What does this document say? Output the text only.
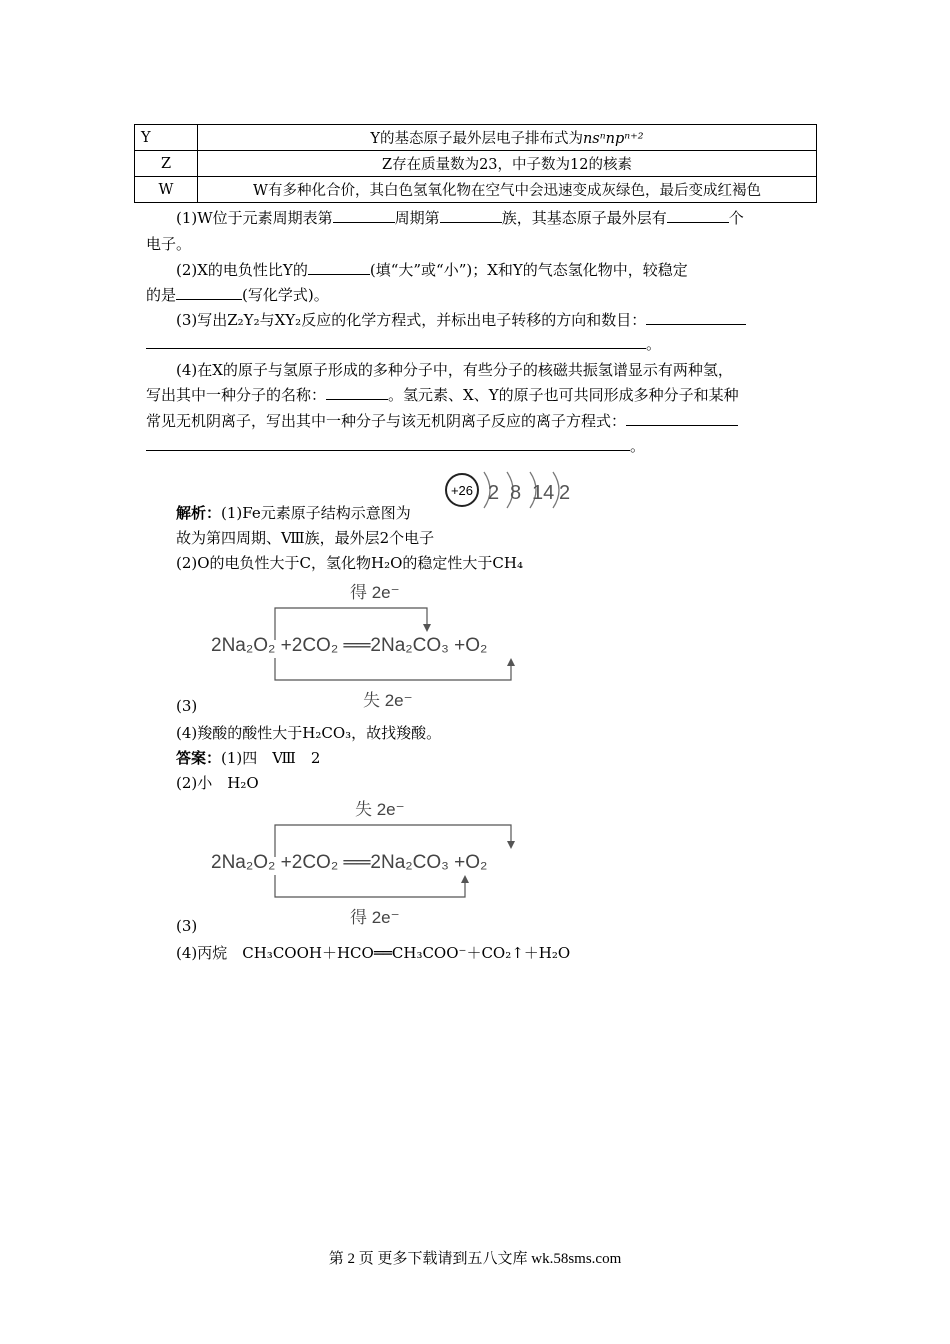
Y	Y的基态原子最外层电子排布式为nsⁿnpⁿ⁺²
Z	Z存在质量数为23，中子数为12的核素
W	W有多种化合价，其白色氢氧化物在空气中会迅速变成灰绿色，最后变成红褐色
(1)W位于元素周期表第	周期第	族，其基态原子最外层有	个
电子。
(2)X的电负性比Y的	(填“大”或“小”)；X和Y的气态氢化物中，较稳定
的是	(写化学式)。
(3)写出Z₂Y₂与XY₂反应的化学方程式，并标出电子转移的方向和数目：
。
(4)在X的原子与氢原子形成的多种分子中，有些分子的核磁共振氢谱显示有两种氢，
写出其中一种分子的名称：	。氢元素、X、Y的原子也可共同形成多种分子和某种
常见无机阴离子，写出其中一种分子与该无机阴离子反应的离子方程式：
。
+26 2 8 14 2
解析：(1)Fe元素原子结构示意图为
故为第四周期、Ⅷ族，最外层2个电子
(2)O的电负性大于C，氢化物H₂O的稳定性大于CH₄
得 2e⁻
2Na₂O₂ +2CO₂ ══2Na₂CO₃ +O₂
失 2e⁻
(3)
(4)羧酸的酸性大于H₂CO₃，故找羧酸。
答案：(1)四　Ⅷ　2
(2)小　H₂O
失 2e⁻
2Na₂O₂ +2CO₂ ══2Na₂CO₃ +O₂
得 2e⁻
(3)
(4)丙烷　CH₃COOH＋HCO══CH₃COO⁻＋CO₂↑＋H₂O
第 2 页 更多下载请到五八文库 wk.58sms.com
